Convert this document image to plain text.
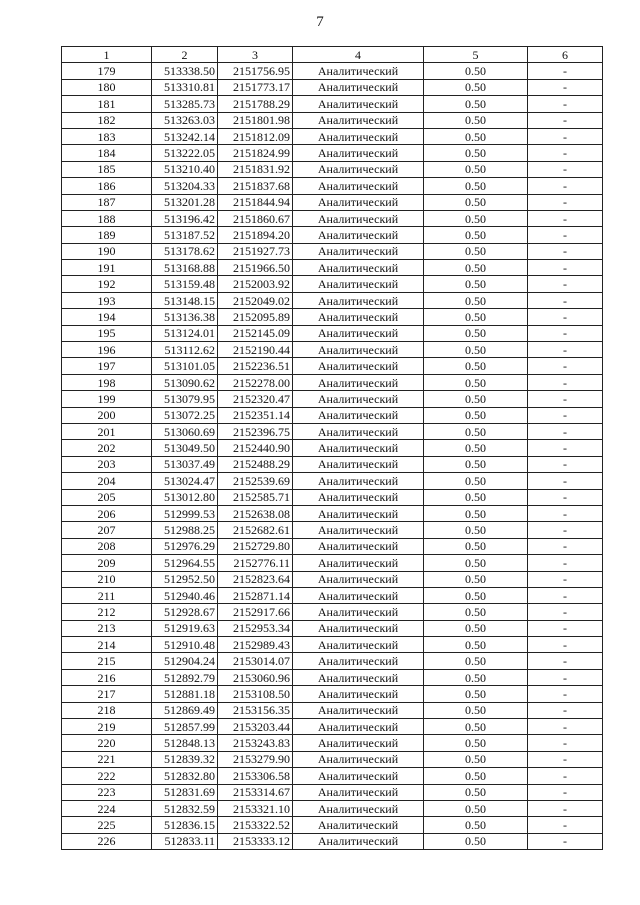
7
1	2	3	4	5	6
179	513338.50	2151756.95	Аналитический	0.50	-
180	513310.81	2151773.17	Аналитический	0.50	-
181	513285.73	2151788.29	Аналитический	0.50	-
182	513263.03	2151801.98	Аналитический	0.50	-
183	513242.14	2151812.09	Аналитический	0.50	-
184	513222.05	2151824.99	Аналитический	0.50	-
185	513210.40	2151831.92	Аналитический	0.50	-
186	513204.33	2151837.68	Аналитический	0.50	-
187	513201.28	2151844.94	Аналитический	0.50	-
188	513196.42	2151860.67	Аналитический	0.50	-
189	513187.52	2151894.20	Аналитический	0.50	-
190	513178.62	2151927.73	Аналитический	0.50	-
191	513168.88	2151966.50	Аналитический	0.50	-
192	513159.48	2152003.92	Аналитический	0.50	-
193	513148.15	2152049.02	Аналитический	0.50	-
194	513136.38	2152095.89	Аналитический	0.50	-
195	513124.01	2152145.09	Аналитический	0.50	-
196	513112.62	2152190.44	Аналитический	0.50	-
197	513101.05	2152236.51	Аналитический	0.50	-
198	513090.62	2152278.00	Аналитический	0.50	-
199	513079.95	2152320.47	Аналитический	0.50	-
200	513072.25	2152351.14	Аналитический	0.50	-
201	513060.69	2152396.75	Аналитический	0.50	-
202	513049.50	2152440.90	Аналитический	0.50	-
203	513037.49	2152488.29	Аналитический	0.50	-
204	513024.47	2152539.69	Аналитический	0.50	-
205	513012.80	2152585.71	Аналитический	0.50	-
206	512999.53	2152638.08	Аналитический	0.50	-
207	512988.25	2152682.61	Аналитический	0.50	-
208	512976.29	2152729.80	Аналитический	0.50	-
209	512964.55	2152776.11	Аналитический	0.50	-
210	512952.50	2152823.64	Аналитический	0.50	-
211	512940.46	2152871.14	Аналитический	0.50	-
212	512928.67	2152917.66	Аналитический	0.50	-
213	512919.63	2152953.34	Аналитический	0.50	-
214	512910.48	2152989.43	Аналитический	0.50	-
215	512904.24	2153014.07	Аналитический	0.50	-
216	512892.79	2153060.96	Аналитический	0.50	-
217	512881.18	2153108.50	Аналитический	0.50	-
218	512869.49	2153156.35	Аналитический	0.50	-
219	512857.99	2153203.44	Аналитический	0.50	-
220	512848.13	2153243.83	Аналитический	0.50	-
221	512839.32	2153279.90	Аналитический	0.50	-
222	512832.80	2153306.58	Аналитический	0.50	-
223	512831.69	2153314.67	Аналитический	0.50	-
224	512832.59	2153321.10	Аналитический	0.50	-
225	512836.15	2153322.52	Аналитический	0.50	-
226	512833.11	2153333.12	Аналитический	0.50	-
